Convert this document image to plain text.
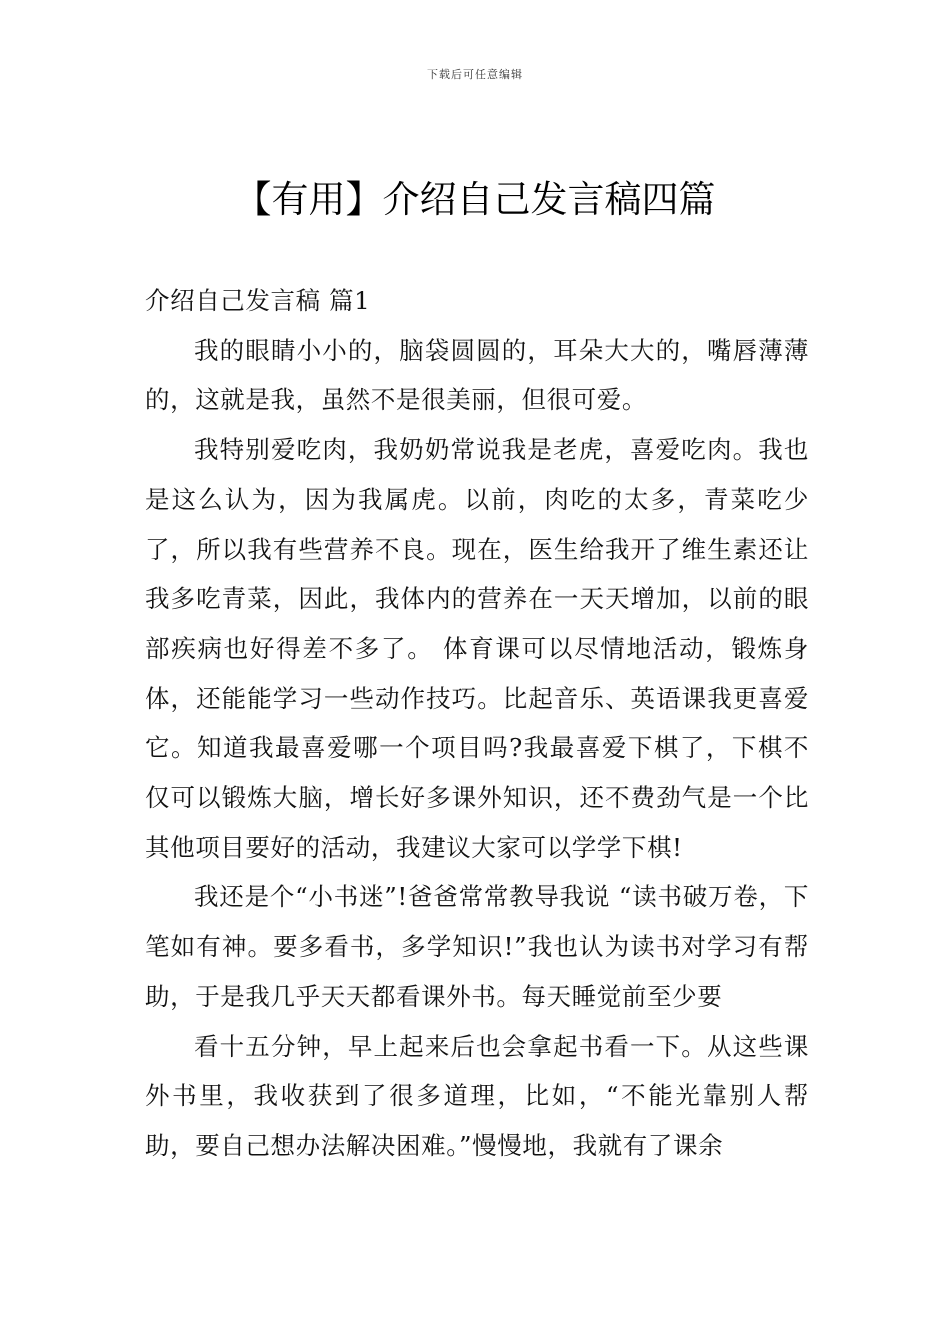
下载后可任意编辑
【有用】介绍自己发言稿四篇
介绍自己发言稿 篇1

我的眼睛小小的，脑袋圆圆的，耳朵大大的，嘴唇薄薄的，这就是我，虽然不是很美丽，但很可爱。

我特别爱吃肉，我奶奶常说我是老虎，喜爱吃肉。我也是这么认为，因为我属虎。以前，肉吃的太多，青菜吃少了，所以我有些营养不良。现在，医生给我开了维生素还让我多吃青菜，因此，我体内的营养在一天天增加，以前的眼部疾病也好得差不多了。 体育课可以尽情地活动，锻炼身体，还能能学习一些动作技巧。比起音乐、英语课我更喜爱它。知道我最喜爱哪一个项目吗?我最喜爱下棋了，下棋不仅可以锻炼大脑，增长好多课外知识，还不费劲气是一个比其他项目要好的活动，我建议大家可以学学下棋!

我还是个“小书迷”!爸爸常常教导我说 “读书破万卷，下笔如有神。要多看书，多学知识!”我也认为读书对学习有帮助，于是我几乎天天都看课外书。每天睡觉前至少要

看十五分钟，早上起来后也会拿起书看一下。从这些课外书里，我收获到了很多道理，比如，“不能光靠别人帮助，要自己想办法解决困难。”慢慢地，我就有了课余
